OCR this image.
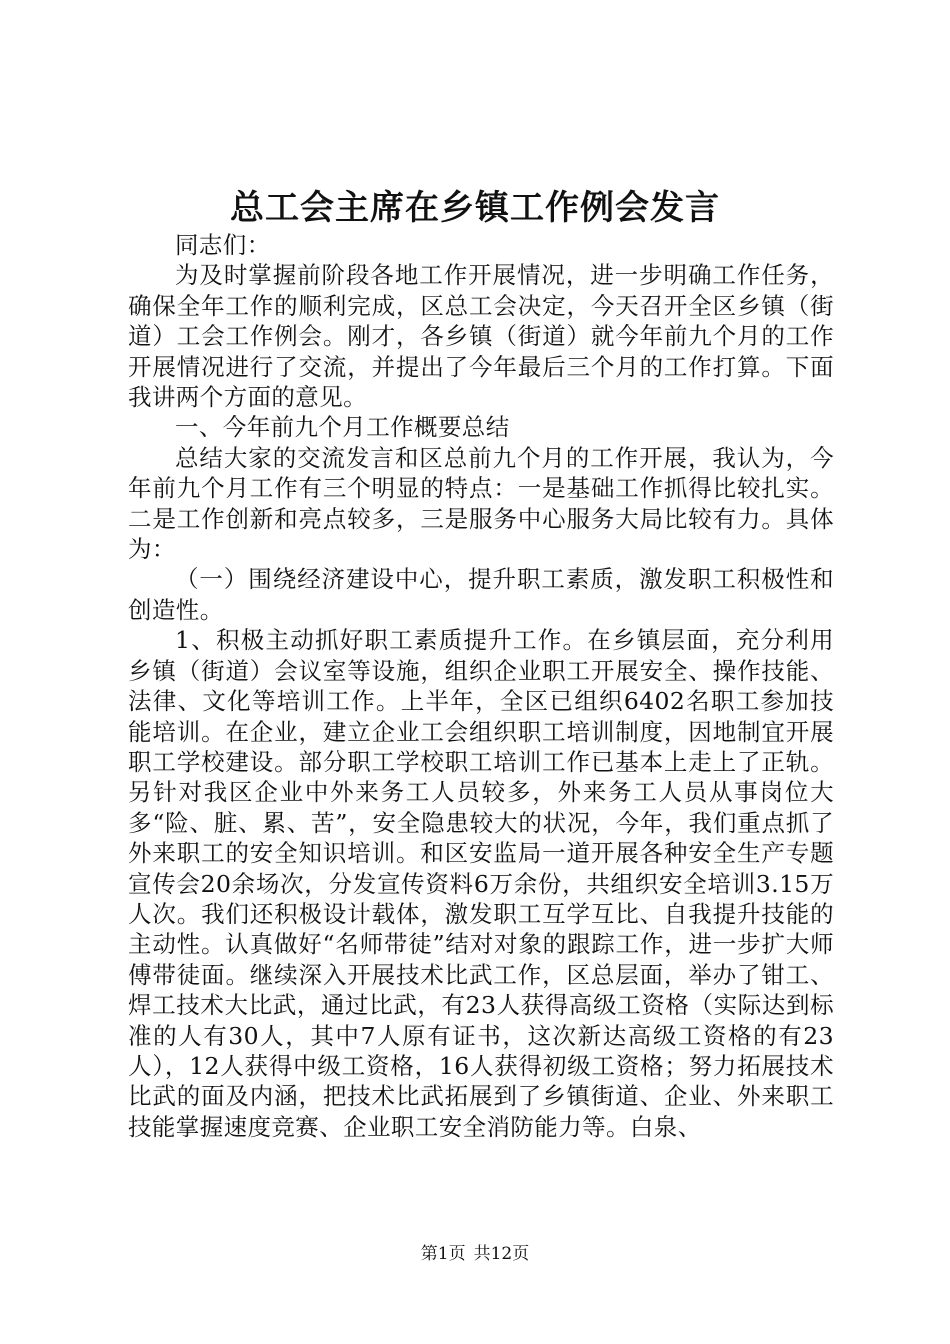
总工会主席在乡镇工作例会发言

同志们：

为及时掌握前阶段各地工作开展情况，进一步明确工作任务，确保全年工作的顺利完成，区总工会决定，今天召开全区乡镇（街道）工会工作例会。刚才，各乡镇（街道）就今年前九个月的工作开展情况进行了交流，并提出了今年最后三个月的工作打算。下面我讲两个方面的意见。

一、今年前九个月工作概要总结

总结大家的交流发言和区总前九个月的工作开展，我认为，今年前九个月工作有三个明显的特点：一是基础工作抓得比较扎实。二是工作创新和亮点较多，三是服务中心服务大局比较有力。具体为：

（一）围绕经济建设中心，提升职工素质，激发职工积极性和创造性。

1、积极主动抓好职工素质提升工作。在乡镇层面，充分利用乡镇（街道）会议室等设施，组织企业职工开展安全、操作技能、法律、文化等培训工作。上半年，全区已组织6402名职工参加技能培训。在企业，建立企业工会组织职工培训制度，因地制宜开展职工学校建设。部分职工学校职工培训工作已基本上走上了正轨。另针对我区企业中外来务工人员较多，外来务工人员从事岗位大多“险、脏、累、苦”，安全隐患较大的状况，今年，我们重点抓了外来职工的安全知识培训。和区安监局一道开展各种安全生产专题宣传会20余场次，分发宣传资料6万余份，共组织安全培训3.15万人次。我们还积极设计载体，激发职工互学互比、自我提升技能的主动性。认真做好“名师带徒”结对对象的跟踪工作，进一步扩大师傅带徒面。继续深入开展技术比武工作，区总层面，举办了钳工、焊工技术大比武，通过比武，有23人获得高级工资格（实际达到标准的人有30人，其中7人原有证书，这次新达高级工资格的有23人），12人获得中级工资格，16人获得初级工资格；努力拓展技术比武的面及内涵，把技术比武拓展到了乡镇街道、企业、外来职工技能掌握速度竞赛、企业职工安全消防能力等。白泉、

第1页 共12页
